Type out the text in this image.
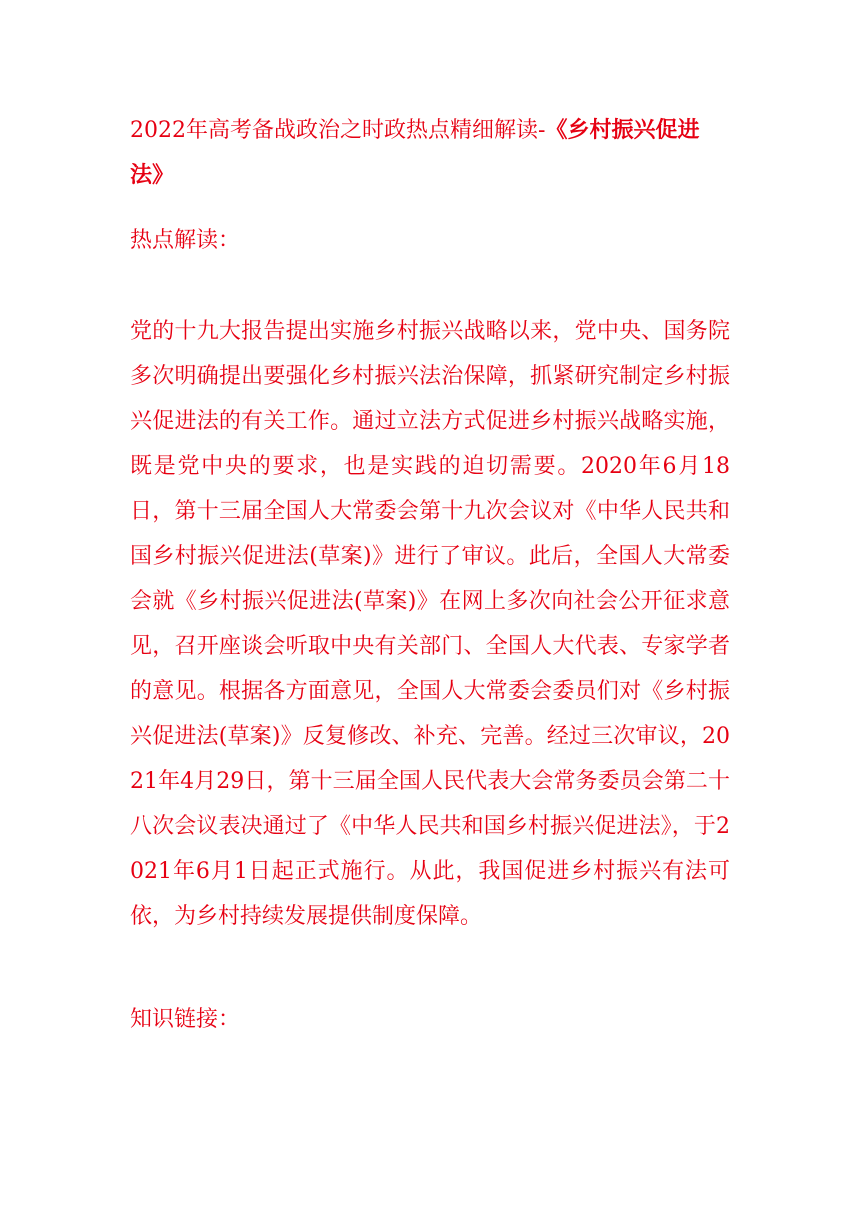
2022年高考备战政治之时政热点精细解读-《乡村振兴促进法》
热点解读：

党的十九大报告提出实施乡村振兴战略以来，党中央、国务院多次明确提出要强化乡村振兴法治保障，抓紧研究制定乡村振兴促进法的有关工作。通过立法方式促进乡村振兴战略实施，既是党中央的要求，也是实践的迫切需要。2020年6月18日，第十三届全国人大常委会第十九次会议对《中华人民共和国乡村振兴促进法(草案)》进行了审议。此后，全国人大常委会就《乡村振兴促进法(草案)》在网上多次向社会公开征求意见，召开座谈会听取中央有关部门、全国人大代表、专家学者的意见。根据各方面意见，全国人大常委会委员们对《乡村振兴促进法(草案)》反复修改、补充、完善。经过三次审议，2021年4月29日，第十三届全国人民代表大会常务委员会第二十八次会议表决通过了《中华人民共和国乡村振兴促进法》，于2021年6月1日起正式施行。从此，我国促进乡村振兴有法可依，为乡村持续发展提供制度保障。

知识链接：
